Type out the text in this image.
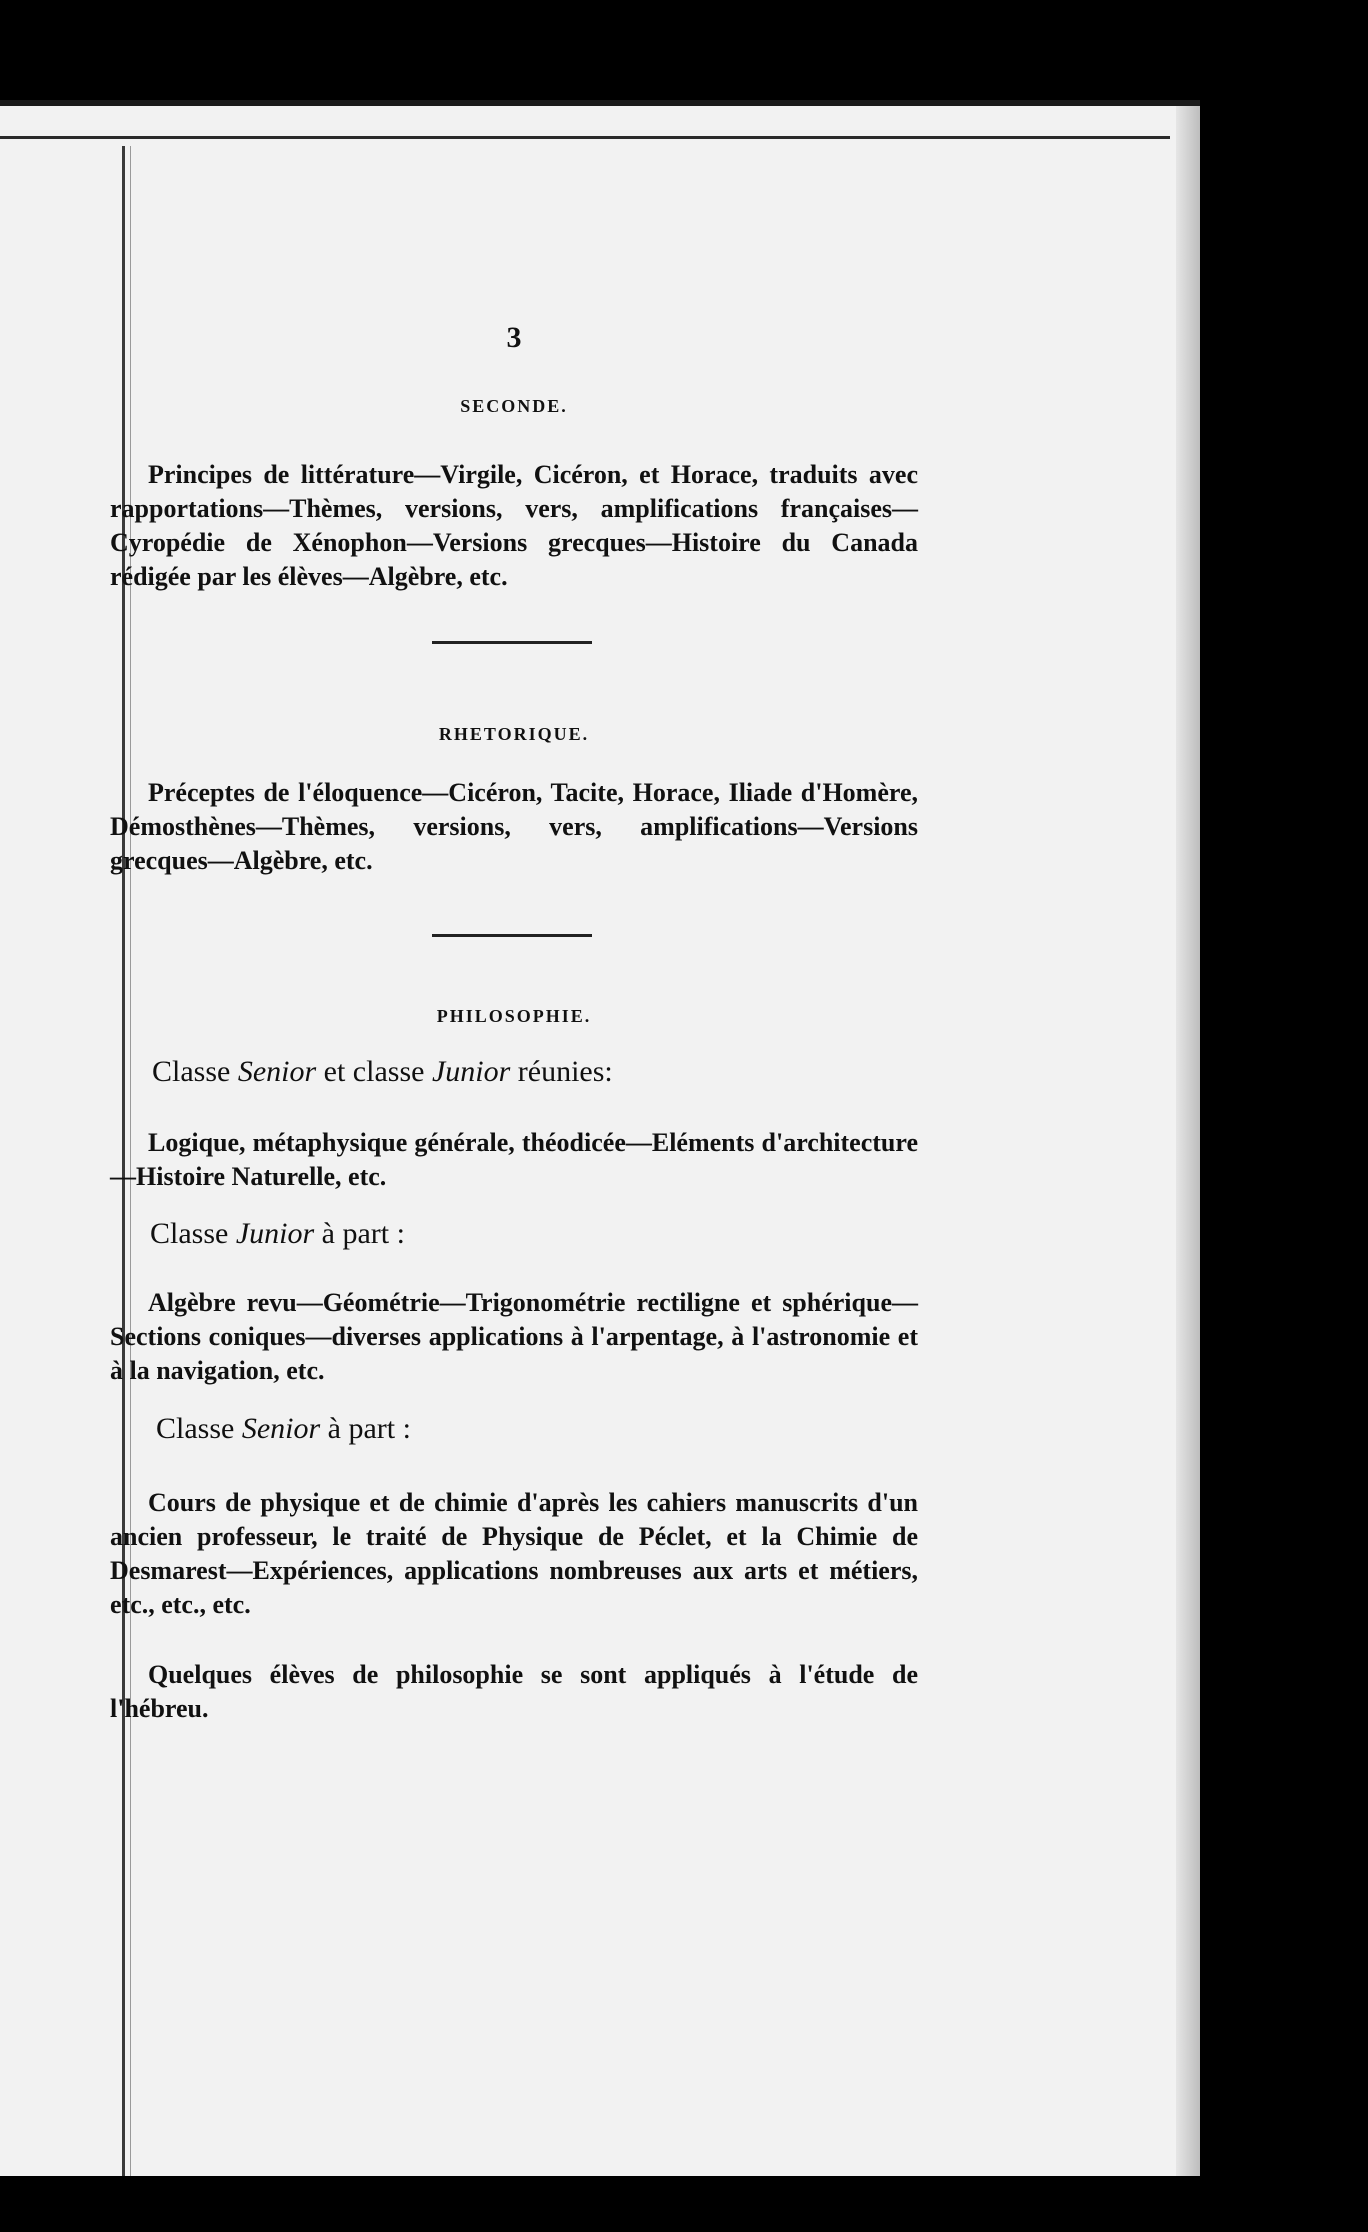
3
SECONDE.
Principes de littérature—Virgile, Cicéron, et Horace, traduits avec rapportations—Thèmes, versions, vers, amplifications françaises—Cyropédie de Xénophon—Versions grecques—Histoire du Canada rédigée par les élèves—Algèbre, etc.
RHETORIQUE.
Préceptes de l'éloquence—Cicéron, Tacite, Horace, Iliade d'Homère, Démosthènes—Thèmes, versions, vers, amplifications—Versions grecques—Algèbre, etc.
PHILOSOPHIE.
Classe Senior et classe Junior réunies:
Logique, métaphysique générale, théodicée—Eléments d'architecture—Histoire Naturelle, etc.
Classe Junior à part :
Algèbre revu—Géométrie—Trigonométrie rectiligne et sphérique—Sections coniques—diverses applications à l'arpentage, à l'astronomie et à la navigation, etc.
Classe Senior à part :
Cours de physique et de chimie d'après les cahiers manuscrits d'un ancien professeur, le traité de Physique de Péclet, et la Chimie de Desmarest—Expériences, applications nombreuses aux arts et métiers, etc., etc., etc.
Quelques élèves de philosophie se sont appliqués à l'étude de l'hébreu.
